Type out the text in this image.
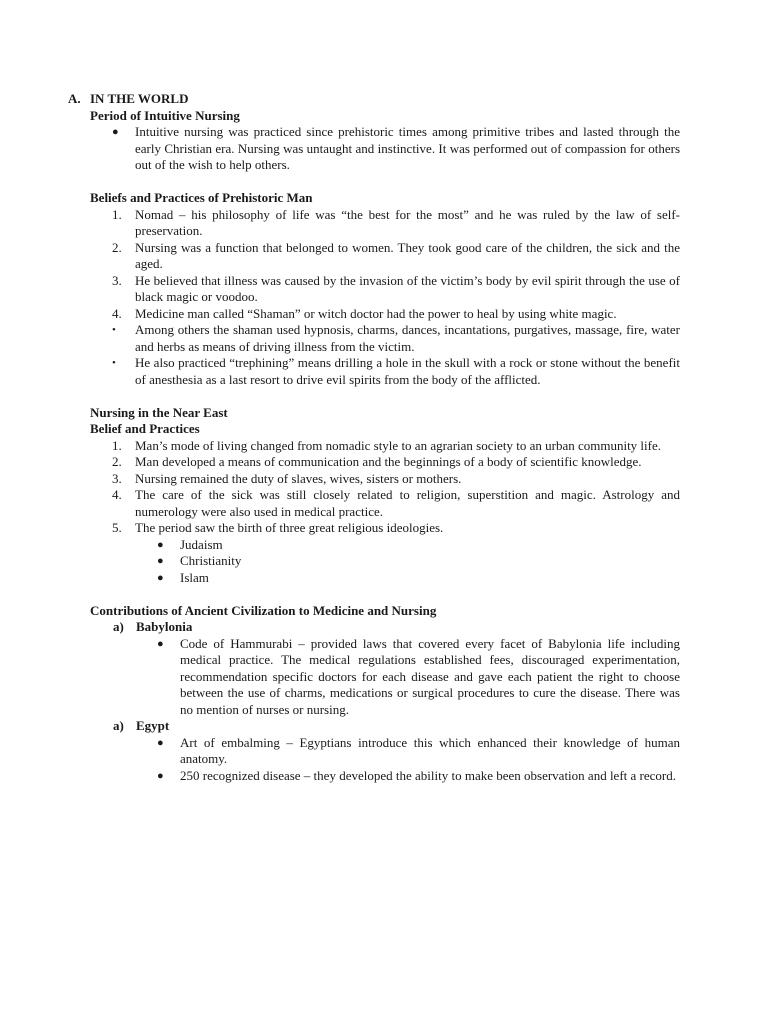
A. IN THE WORLD
Period of Intuitive Nursing
●	Intuitive nursing was practiced since prehistoric times among primitive tribes and lasted through the early Christian era. Nursing was untaught and instinctive. It was performed out of compassion for others out of the wish to help others.
Beliefs and Practices of Prehistoric Man
1.	Nomad – his philosophy of life was “the best for the most” and he was ruled by the law of self-preservation.
2.	Nursing was a function that belonged to women. They took good care of the children, the sick and the aged.
3.	He believed that illness was caused by the invasion of the victim’s body by evil spirit through the use of black magic or voodoo.
4.	Medicine man called “Shaman” or witch doctor had the power to heal by using white magic.
•	Among others the shaman used hypnosis, charms, dances, incantations, purgatives, massage, fire, water and herbs as means of driving illness from the victim.
•	He also practiced “trephining” means drilling a hole in the skull with a rock or stone without the benefit of anesthesia as a last resort to drive evil spirits from the body of the afflicted.
Nursing in the Near East
Belief and Practices
1.	Man’s mode of living changed from nomadic style to an agrarian society to an urban community life.
2.	Man developed a means of communication and the beginnings of a body of scientific knowledge.
3.	Nursing remained the duty of slaves, wives, sisters or mothers.
4.	The care of the sick was still closely related to religion, superstition and magic. Astrology and numerology were also used in medical practice.
5.	The period saw the birth of three great religious ideologies.
●	Judaism
●	Christianity
●	Islam
Contributions of Ancient Civilization to Medicine and Nursing
a) Babylonia
●	Code of Hammurabi – provided laws that covered every facet of Babylonia life including medical practice. The medical regulations established fees, discouraged experimentation, recommendation specific doctors for each disease and gave each patient the right to choose between the use of charms, medications or surgical procedures to cure the disease. There was no mention of nurses or nursing.
a) Egypt
●	Art of embalming – Egyptians introduce this which enhanced their knowledge of human anatomy.
●	250 recognized disease – they developed the ability to make been observation and left a record.
